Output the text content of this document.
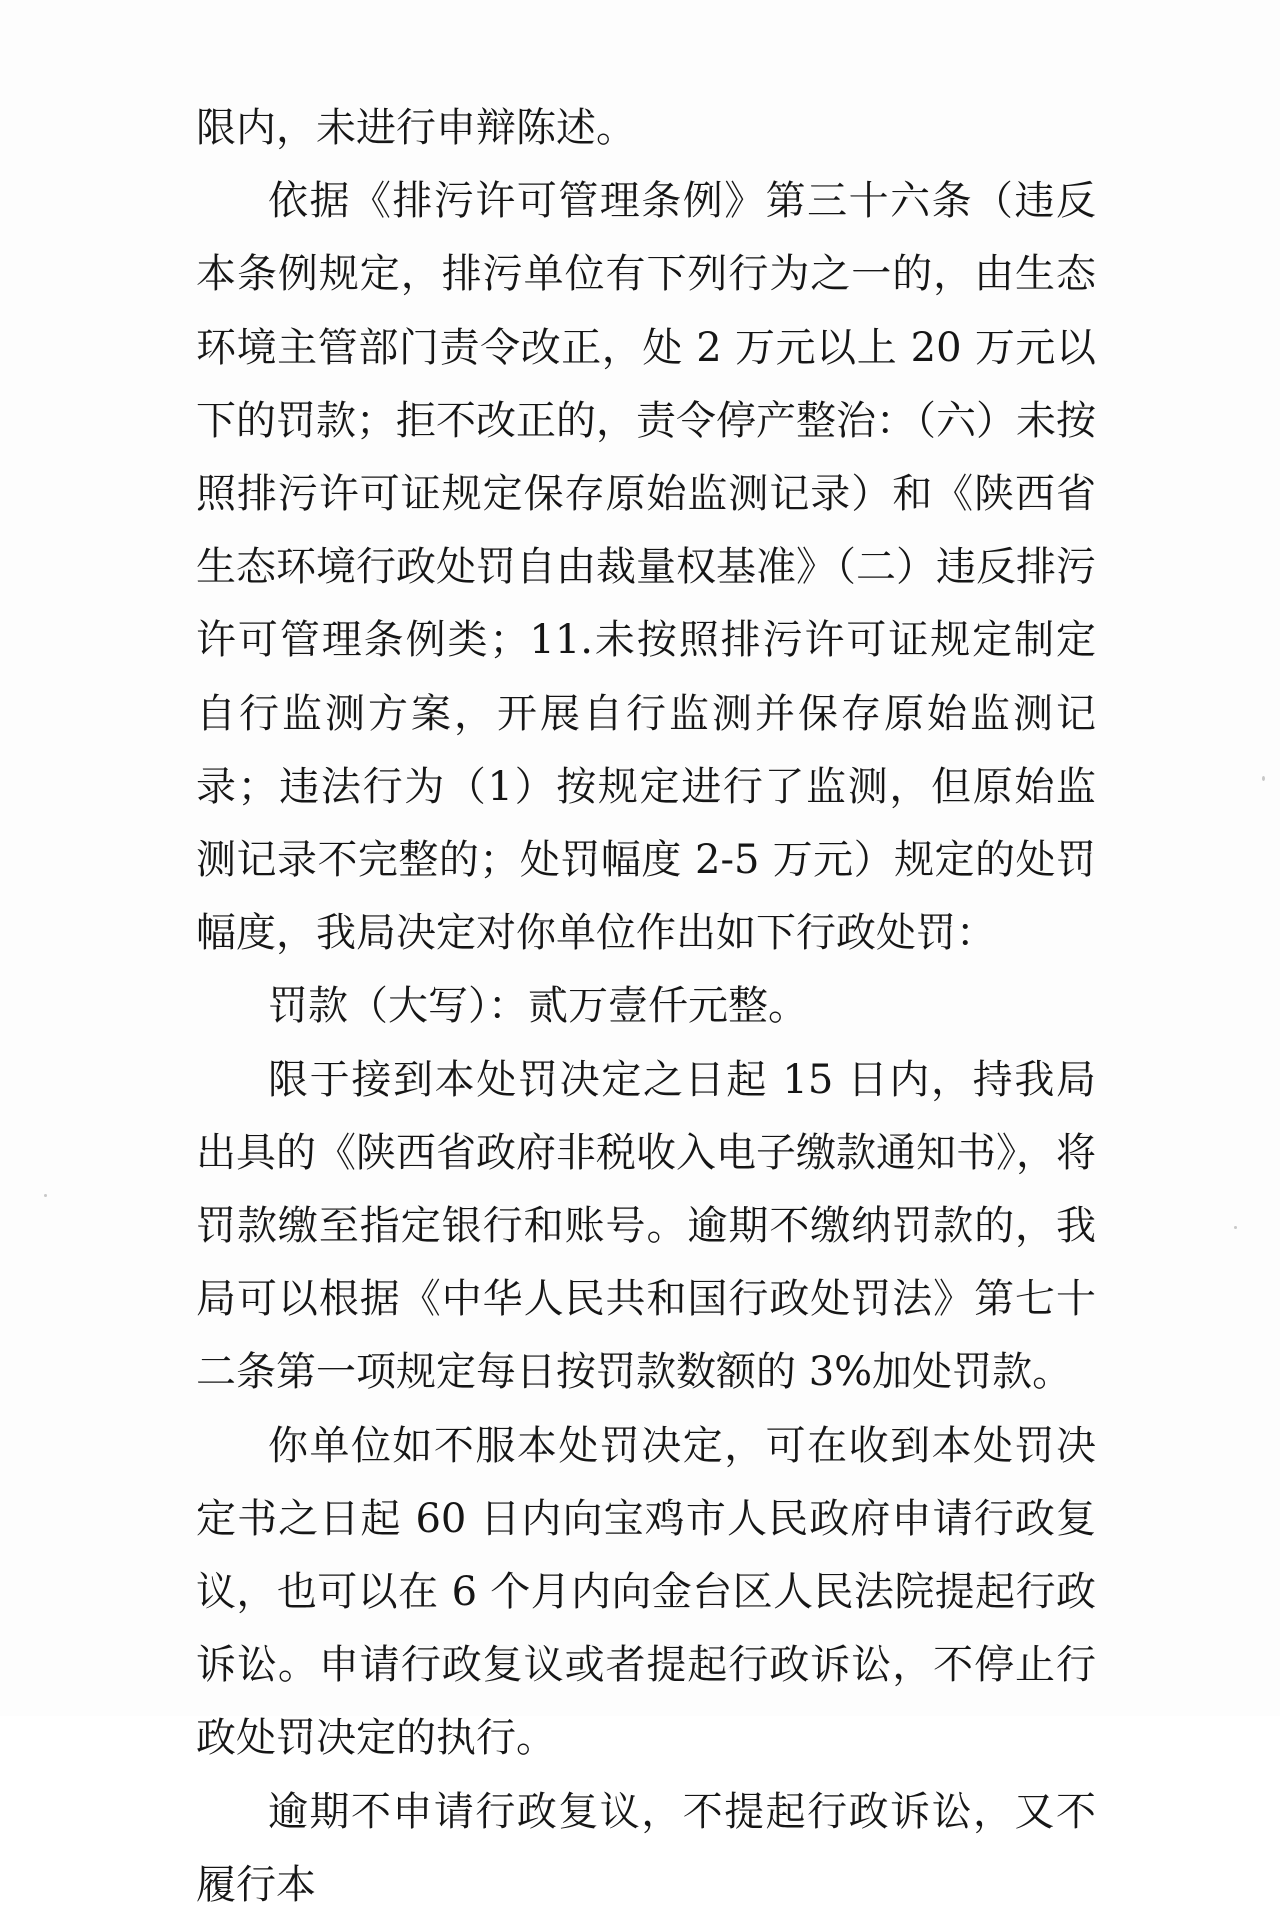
限内，未进行申辩陈述。

依据《排污许可管理条例》第三十六条（违反本条例规定，排污单位有下列行为之一的，由生态环境主管部门责令改正，处 2 万元以上 20 万元以下的罚款；拒不改正的，责令停产整治：（六）未按照排污许可证规定保存原始监测记录）和《陕西省生态环境行政处罚自由裁量权基准》（二）违反排污许可管理条例类；11.未按照排污许可证规定制定自行监测方案，开展自行监测并保存原始监测记录；违法行为（1）按规定进行了监测，但原始监测记录不完整的；处罚幅度 2-5 万元）规定的处罚幅度，我局决定对你单位作出如下行政处罚：

罚款（大写）：贰万壹仟元整。

限于接到本处罚决定之日起 15 日内，持我局出具的《陕西省政府非税收入电子缴款通知书》，将罚款缴至指定银行和账号。逾期不缴纳罚款的，我局可以根据《中华人民共和国行政处罚法》第七十二条第一项规定每日按罚款数额的 3%加处罚款。

你单位如不服本处罚决定，可在收到本处罚决定书之日起 60 日内向宝鸡市人民政府申请行政复议，也可以在 6 个月内向金台区人民法院提起行政诉讼。申请行政复议或者提起行政诉讼，不停止行政处罚决定的执行。

逾期不申请行政复议，不提起行政诉讼，又不履行本
